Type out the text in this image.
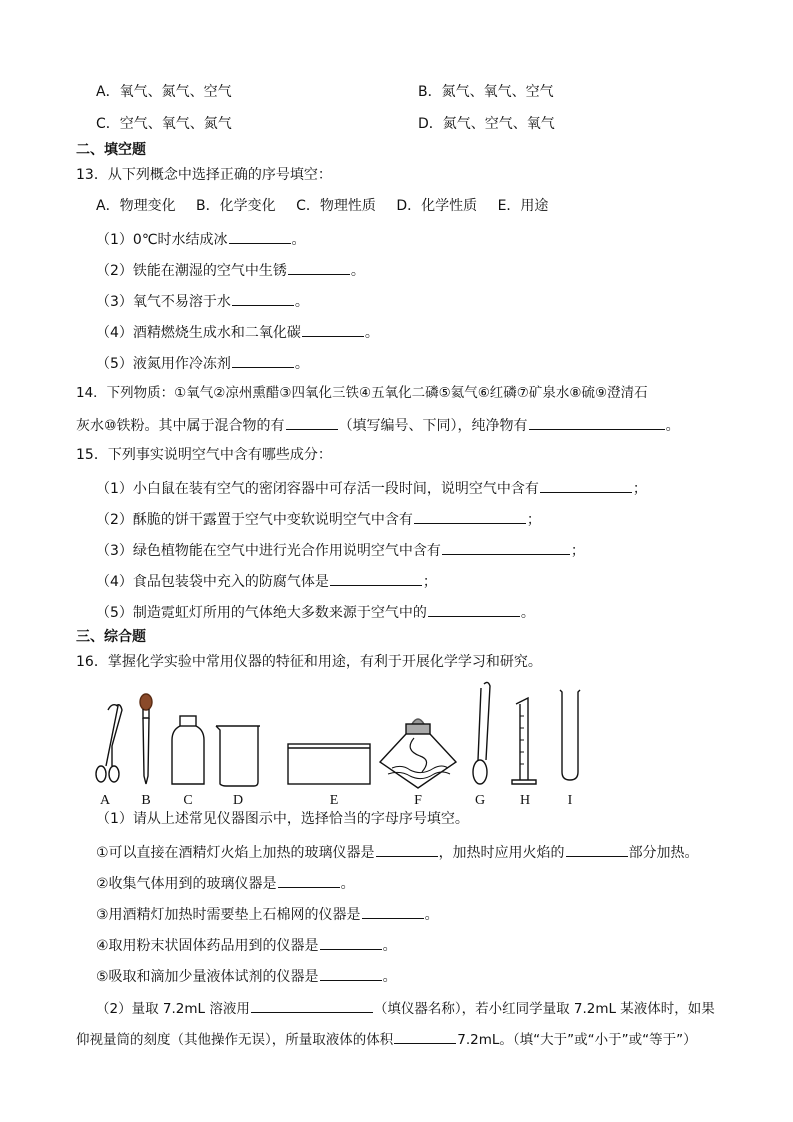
A．氧气、氮气、空气	B．氮气、氧气、空气
C．空气、氧气、氮气	D．氮气、空气、氧气
二、填空题
13．从下列概念中选择正确的序号填空：
A．物理变化 B．化学变化 C．物理性质 D．化学性质 E．用途
（1）0℃时水结成冰	。
（2）铁能在潮湿的空气中生锈	。
（3）氧气不易溶于水	。
（4）酒精燃烧生成水和二氧化碳	。
（5）液氮用作冷冻剂	。
14．下列物质：①氧气②凉州熏醋③四氧化三铁④五氧化二磷⑤氦气⑥红磷⑦矿泉水⑧硫⑨澄清石
灰水⑩铁粉。其中属于混合物的有	（填写编号、下同），纯净物有	。
15．下列事实说明空气中含有哪些成分：
（1）小白鼠在装有空气的密闭容器中可存活一段时间，说明空气中含有	；
（2）酥脆的饼干露置于空气中变软说明空气中含有	；
（3）绿色植物能在空气中进行光合作用说明空气中含有	；
（4）食品包装袋中充入的防腐气体是	；
（5）制造霓虹灯所用的气体绝大多数来源于空气中的	。
三、综合题
16．掌握化学实验中常用仪器的特征和用途，有利于开展化学学习和研究。
A B C	D	E	F	G H	I
（1）请从上述常见仪器图示中，选择恰当的字母序号填空。
①可以直接在酒精灯火焰上加热的玻璃仪器是	，加热时应用火焰的	部分加热。
②收集气体用到的玻璃仪器是	。
③用酒精灯加热时需要垫上石棉网的仪器是	。
④取用粉末状固体药品用到的仪器是	。
⑤吸取和滴加少量液体试剂的仪器是	。
（2）量取 7.2mL 溶液用	（填仪器名称），若小红同学量取 7.2mL 某液体时，如果
仰视量筒的刻度（其他操作无误），所量取液体的体积	7.2mL。（填“大于”或“小于”或“等于”）
